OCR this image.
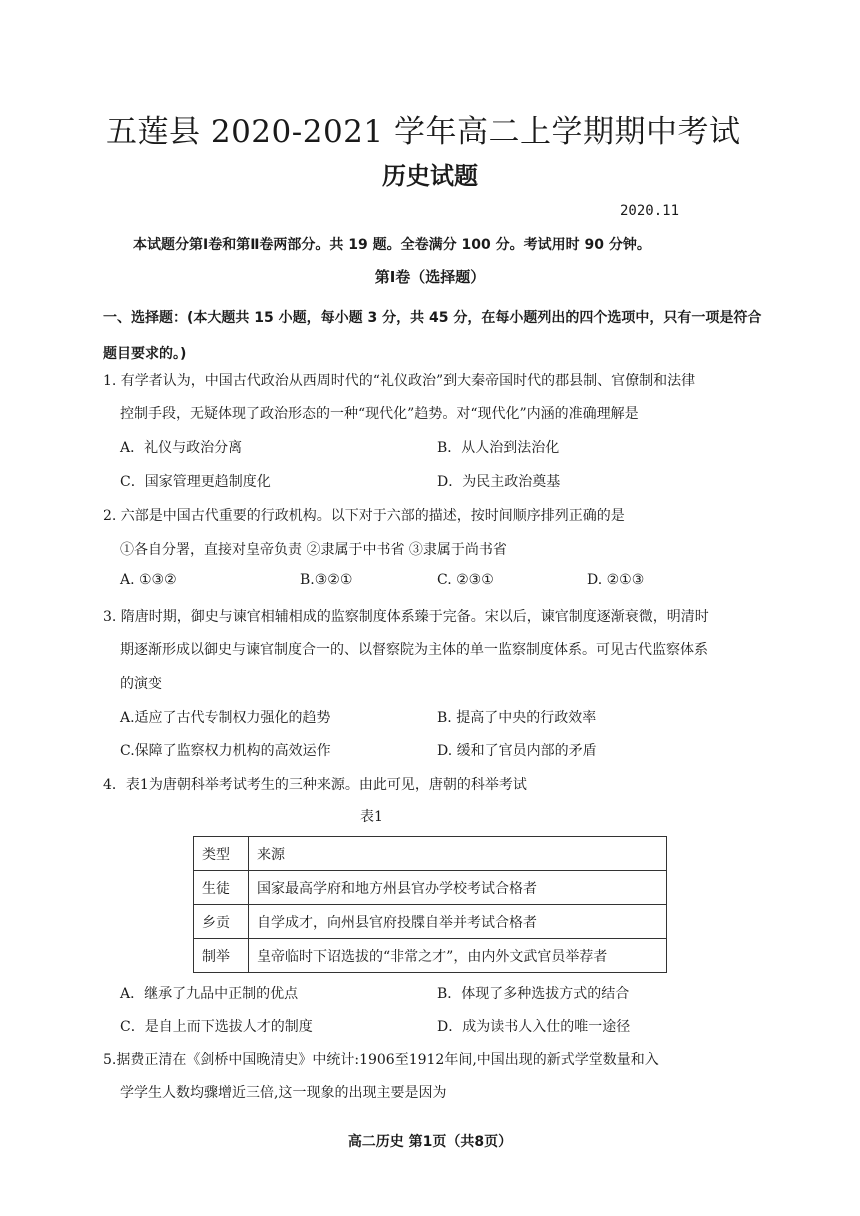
五莲县 2020-2021 学年高二上学期期中考试
历史试题
2020.11
本试题分第Ⅰ卷和第Ⅱ卷两部分。共 19 题。全卷满分 100 分。考试用时 90 分钟。
第Ⅰ卷（选择题）
一、选择题：(本大题共 15 小题，每小题 3 分，共 45 分，在每小题列出的四个选项中，只有一项是符合题目要求的。)
1. 有学者认为，中国古代政治从西周时代的“礼仪政治”到大秦帝国时代的郡县制、官僚制和法律
控制手段，无疑体现了政治形态的一种“现代化”趋势。对“现代化”内涵的准确理解是
A．礼仪与政治分离	B．从人治到法治化
C．国家管理更趋制度化	D．为民主政治奠基
2. 六部是中国古代重要的行政机构。以下对于六部的描述，按时间顺序排列正确的是
①各自分署，直接对皇帝负责 ②隶属于中书省 ③隶属于尚书省
A. ①③②	B.③②①	C. ②③①	D. ②①③
3. 隋唐时期，御史与谏官相辅相成的监察制度体系臻于完备。宋以后，谏官制度逐渐衰微，明清时
期逐渐形成以御史与谏官制度合一的、以督察院为主体的单一监察制度体系。可见古代监察体系
的演变
A.适应了古代专制权力强化的趋势	B. 提高了中央的行政效率
C.保障了监察权力机构的高效运作	D. 缓和了官员内部的矛盾
4．表1为唐朝科举考试考生的三种来源。由此可见，唐朝的科举考试
表1
类型	来源
生徒	国家最高学府和地方州县官办学校考试合格者
乡贡	自学成才，向州县官府投牒自举并考试合格者
制举	皇帝临时下诏选拔的“非常之才”，由内外文武官员举荐者
A．继承了九品中正制的优点	B．体现了多种选拔方式的结合
C．是自上而下选拔人才的制度	D．成为读书人入仕的唯一途径
5.据费正清在《剑桥中国晚清史》中统计:1906至1912年间,中国出现的新式学堂数量和入
学学生人数均骤增近三倍,这一现象的出现主要是因为
高二历史 第1页（共8页）
